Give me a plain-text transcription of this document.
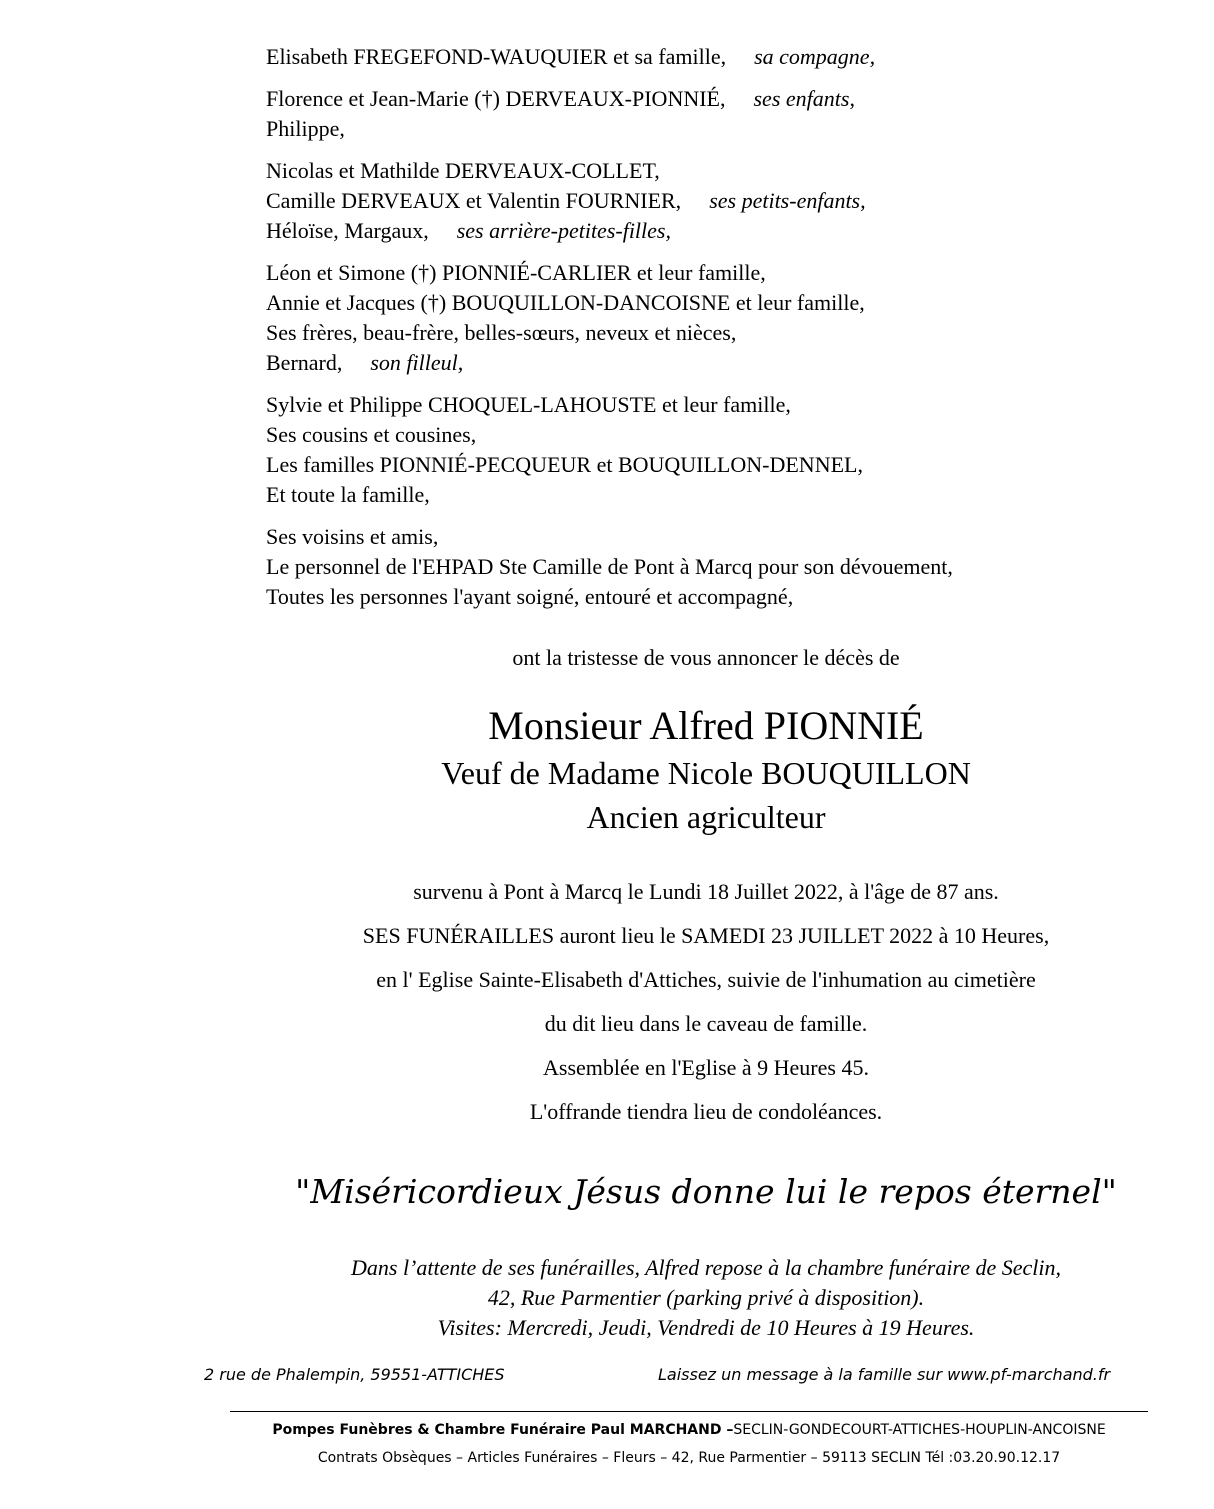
Elisabeth FREGEFOND-WAUQUIER et sa famille, sa compagne,
Florence et Jean-Marie (†) DERVEAUX-PIONNIÉ, ses enfants,
Philippe,
Nicolas et Mathilde DERVEAUX-COLLET,
Camille DERVEAUX et Valentin FOURNIER, ses petits-enfants,
Héloïse, Margaux, ses arrière-petites-filles,
Léon et Simone (†) PIONNIÉ-CARLIER et leur famille,
Annie et Jacques (†) BOUQUILLON-DANCOISNE et leur famille,
Ses frères, beau-frère, belles-sœurs, neveux et nièces,
Bernard, son filleul,
Sylvie et Philippe CHOQUEL-LAHOUSTE et leur famille,
Ses cousins et cousines,
Les familles PIONNIÉ-PECQUEUR et BOUQUILLON-DENNEL,
Et toute la famille,
Ses voisins et amis,
Le personnel de l'EHPAD Ste Camille de Pont à Marcq pour son dévouement,
Toutes les personnes l'ayant soigné, entouré et accompagné,
ont la tristesse de vous annoncer le décès de
Monsieur Alfred PIONNIÉ
Veuf de Madame Nicole BOUQUILLON
Ancien agriculteur
survenu à Pont à Marcq le Lundi 18 Juillet 2022, à l'âge de 87 ans.
SES FUNÉRAILLES auront lieu le SAMEDI 23 JUILLET 2022 à 10 Heures,
en l' Eglise Sainte-Elisabeth d'Attiches, suivie de l'inhumation au cimetière
du dit lieu dans le caveau de famille.
Assemblée en l'Eglise à 9 Heures 45.
L'offrande tiendra lieu de condoléances.
"Miséricordieux Jésus donne lui le repos éternel"
Dans l’attente de ses funérailles, Alfred repose à la chambre funéraire de Seclin,
42, Rue Parmentier (parking privé à disposition).
Visites: Mercredi, Jeudi, Vendredi de 10 Heures à 19 Heures.
2 rue de Phalempin, 59551-ATTICHES	Laissez un message à la famille sur www.pf-marchand.fr
Pompes Funèbres & Chambre Funéraire Paul MARCHAND –SECLIN-GONDECOURT-ATTICHES-HOUPLIN-ANCOISNE
Contrats Obsèques – Articles Funéraires – Fleurs – 42, Rue Parmentier – 59113 SECLIN Tél :03.20.90.12.17
